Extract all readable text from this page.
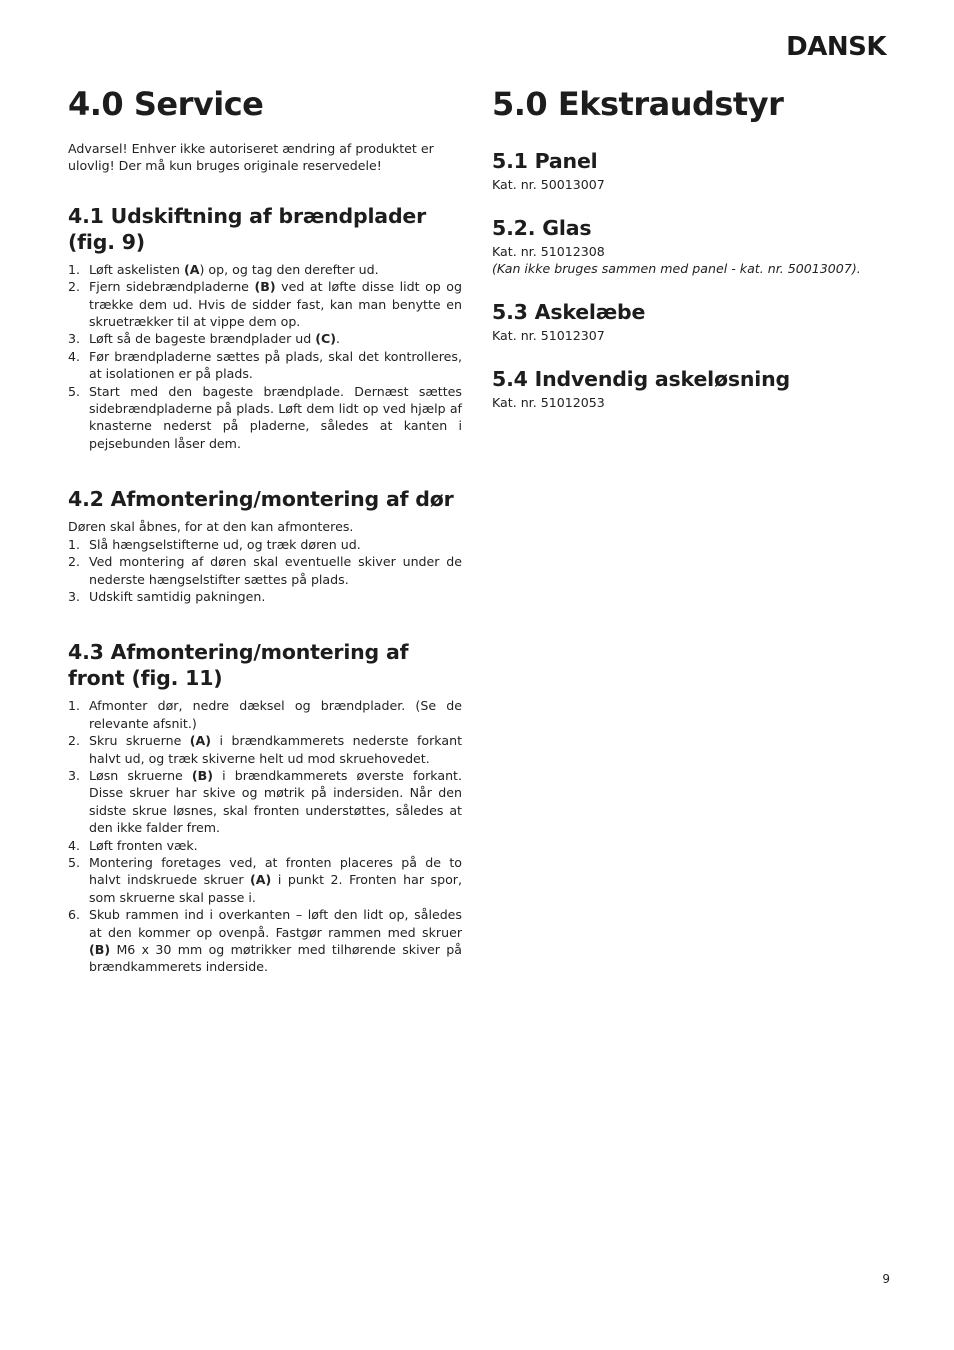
DANSK
4.0 Service

Advarsel! Enhver ikke autoriseret ændring af produktet er ulovlig! Der må kun bruges originale reservedele!

4.1 Udskiftning af brændplader (fig. 9)
1. Løft askelisten (A) op, og tag den derefter ud.
2. Fjern sidebrændpladerne (B) ved at løfte disse lidt op og trække dem ud. Hvis de sidder fast, kan man benytte en skruetrækker til at vippe dem op.
3. Løft så de bageste brændplader ud (C).
4. Før brændpladerne sættes på plads, skal det kontrolleres, at isolationen er på plads.
5. Start med den bageste brændplade. Dernæst sættes sidebrændpladerne på plads. Løft dem lidt op ved hjælp af knasterne nederst på pladerne, således at kanten i pejsebunden låser dem.
4.2 Afmontering/montering af dør

Døren skal åbnes, for at den kan afmonteres.

1. Slå hængselstifterne ud, og træk døren ud.
2. Ved montering af døren skal eventuelle skiver under de nederste hængselstifter sættes på plads.
3. Udskift samtidig pakningen.
4.3 Afmontering/montering af front (fig. 11)
1. Afmonter dør, nedre dæksel og brændplader. (Se de relevante afsnit.)
2. Skru skruerne (A) i brændkammerets nederste forkant halvt ud, og træk skiverne helt ud mod skruehovedet.
3. Løsn skruerne (B) i brændkammerets øverste forkant. Disse skruer har skive og møtrik på indersiden. Når den sidste skrue løsnes, skal fronten understøttes, således at den ikke falder frem.
4. Løft fronten væk.
5. Montering foretages ved, at fronten placeres på de to halvt indskruede skruer (A) i punkt 2. Fronten har spor, som skruerne skal passe i.
6. Skub rammen ind i overkanten – løft den lidt op, således at den kommer op ovenpå. Fastgør rammen med skruer (B) M6 x 30 mm og møtrikker med tilhørende skiver på brændkammerets inderside.
5.0 Ekstraudstyr
5.1 Panel
Kat. nr. 50013007
5.2. Glas
Kat. nr. 51012308
(Kan ikke bruges sammen med panel - kat. nr. 50013007).
5.3 Askelæbe
Kat. nr. 51012307
5.4 Indvendig askeløsning
Kat. nr. 51012053
9
